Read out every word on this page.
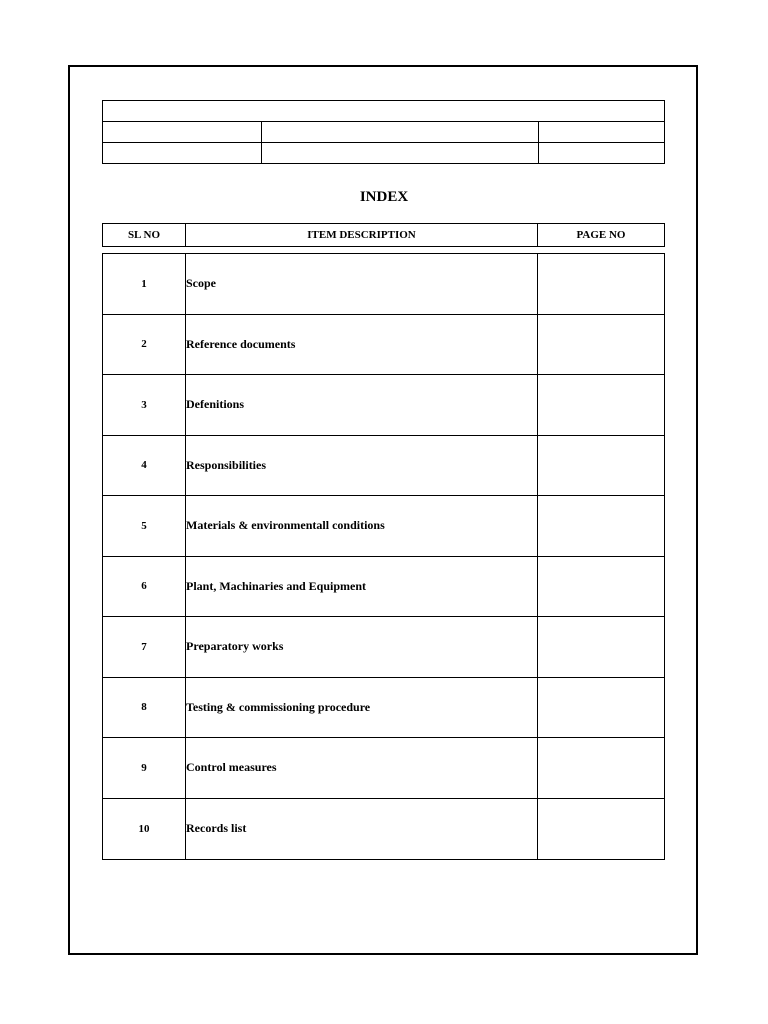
INDEX
SL NO	ITEM DESCRIPTION	PAGE NO
1	Scope
2	Reference documents
3	Defenitions
4	Responsibilities
5	Materials & environmentall conditions
6	Plant, Machinaries and Equipment
7	Preparatory works
8	Testing & commissioning procedure
9	Control measures
10	Records list
